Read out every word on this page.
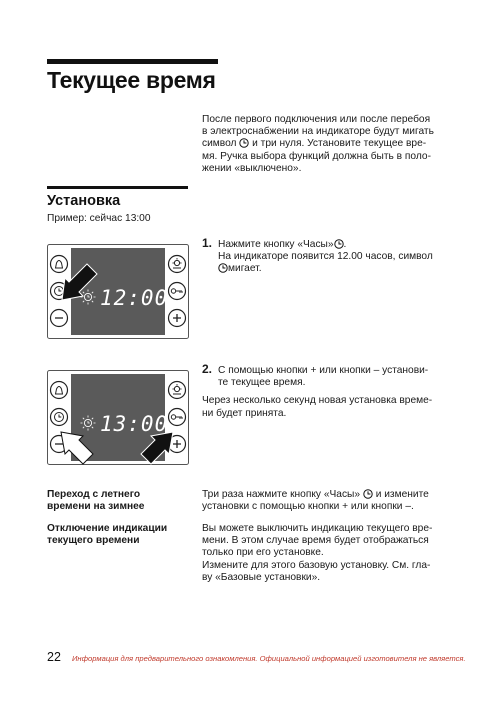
Текущее время
После первого подключения или после перебоя
в электроснабжении на индикаторе будут мигать
символ  и три нуля. Установите текущее вре-
мя. Ручка выбора функций должна быть в поло-
жении «выключено».
Установка
Пример: сейчас 13:00
1. Нажмите кнопку «Часы» .
На индикаторе появится 12.00 часов, символ
мигает.
2. С помощью кнопки + или кнопки – установи-
те текущее время.
Через несколько секунд новая установка време-
ни будет принята.
12:00
13:00
Переход с летнего
времени на зимнее
Три раза нажмите кнопку «Часы»  и измените
установки с помощью кнопки + или кнопки –.
Отключение индикации
текущего времени
Вы можете выключить индикацию текущего вре-
мени. В этом случае время будет отображаться
только при его установке.
Измените для этого базовую установку. См. гла-
ву «Базовые установки».
22 Информация для предварительного ознакомления. Официальной информацией изготовителя не является.
